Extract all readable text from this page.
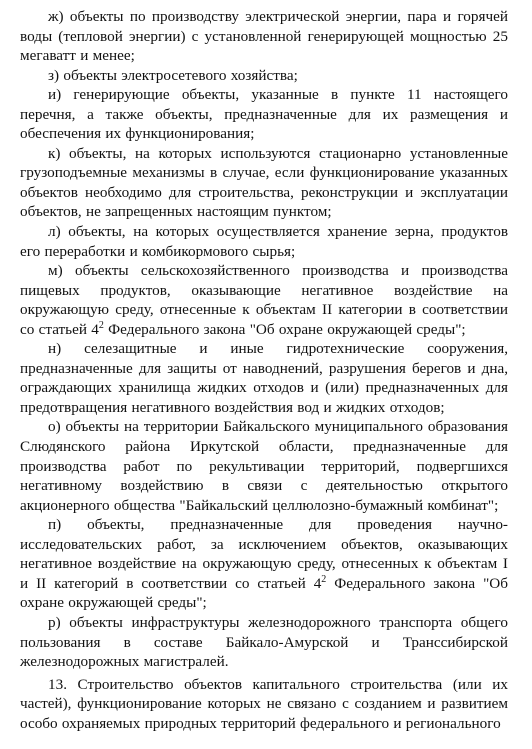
ж) объекты по производству электрической энергии, пара и горячей воды (тепловой энергии) с установленной генерирующей мощностью 25 мегаватт и менее;

з) объекты электросетевого хозяйства;

и) генерирующие объекты, указанные в пункте 11 настоящего перечня, а также объекты, предназначенные для их размещения и обеспечения их функционирования;

к) объекты, на которых используются стационарно установленные грузоподъемные механизмы в случае, если функционирование указанных объектов необходимо для строительства, реконструкции и эксплуатации объектов, не запрещенных настоящим пунктом;

л) объекты, на которых осуществляется хранение зерна, продуктов его переработки и комбикормового сырья;

м) объекты сельскохозяйственного производства и производства пищевых продуктов, оказывающие негативное воздействие на окружающую среду, отнесенные к объектам II категории в соответствии со статьей $4^2$ Федерального закона "Об охране окружающей среды";

н) селезащитные и иные гидротехнические сооружения, предназначенные для защиты от наводнений, разрушения берегов и дна, ограждающих хранилища жидких отходов и (или) предназначенных для предотвращения негативного воздействия вод и жидких отходов;

о) объекты на территории Байкальского муниципального образования Слюдянского района Иркутской области, предназначенные для производства работ по рекультивации территорий, подвергшихся негативному воздействию в связи с деятельностью открытого акционерного общества "Байкальский целлюлозно-бумажный комбинат";

п) объекты, предназначенные для проведения научно-исследовательских работ, за исключением объектов, оказывающих негативное воздействие на окружающую среду, отнесенных к объектам I и II категорий в соответствии со статьей $4^2$ Федерального закона "Об охране окружающей среды";

р) объекты инфраструктуры железнодорожного транспорта общего пользования в составе Байкало-Амурской и Транссибирской железнодорожных магистралей.

13. Строительство объектов капитального строительства (или их частей), функционирование которых не связано с созданием и развитием особо охраняемых природных территорий федерального и регионального
